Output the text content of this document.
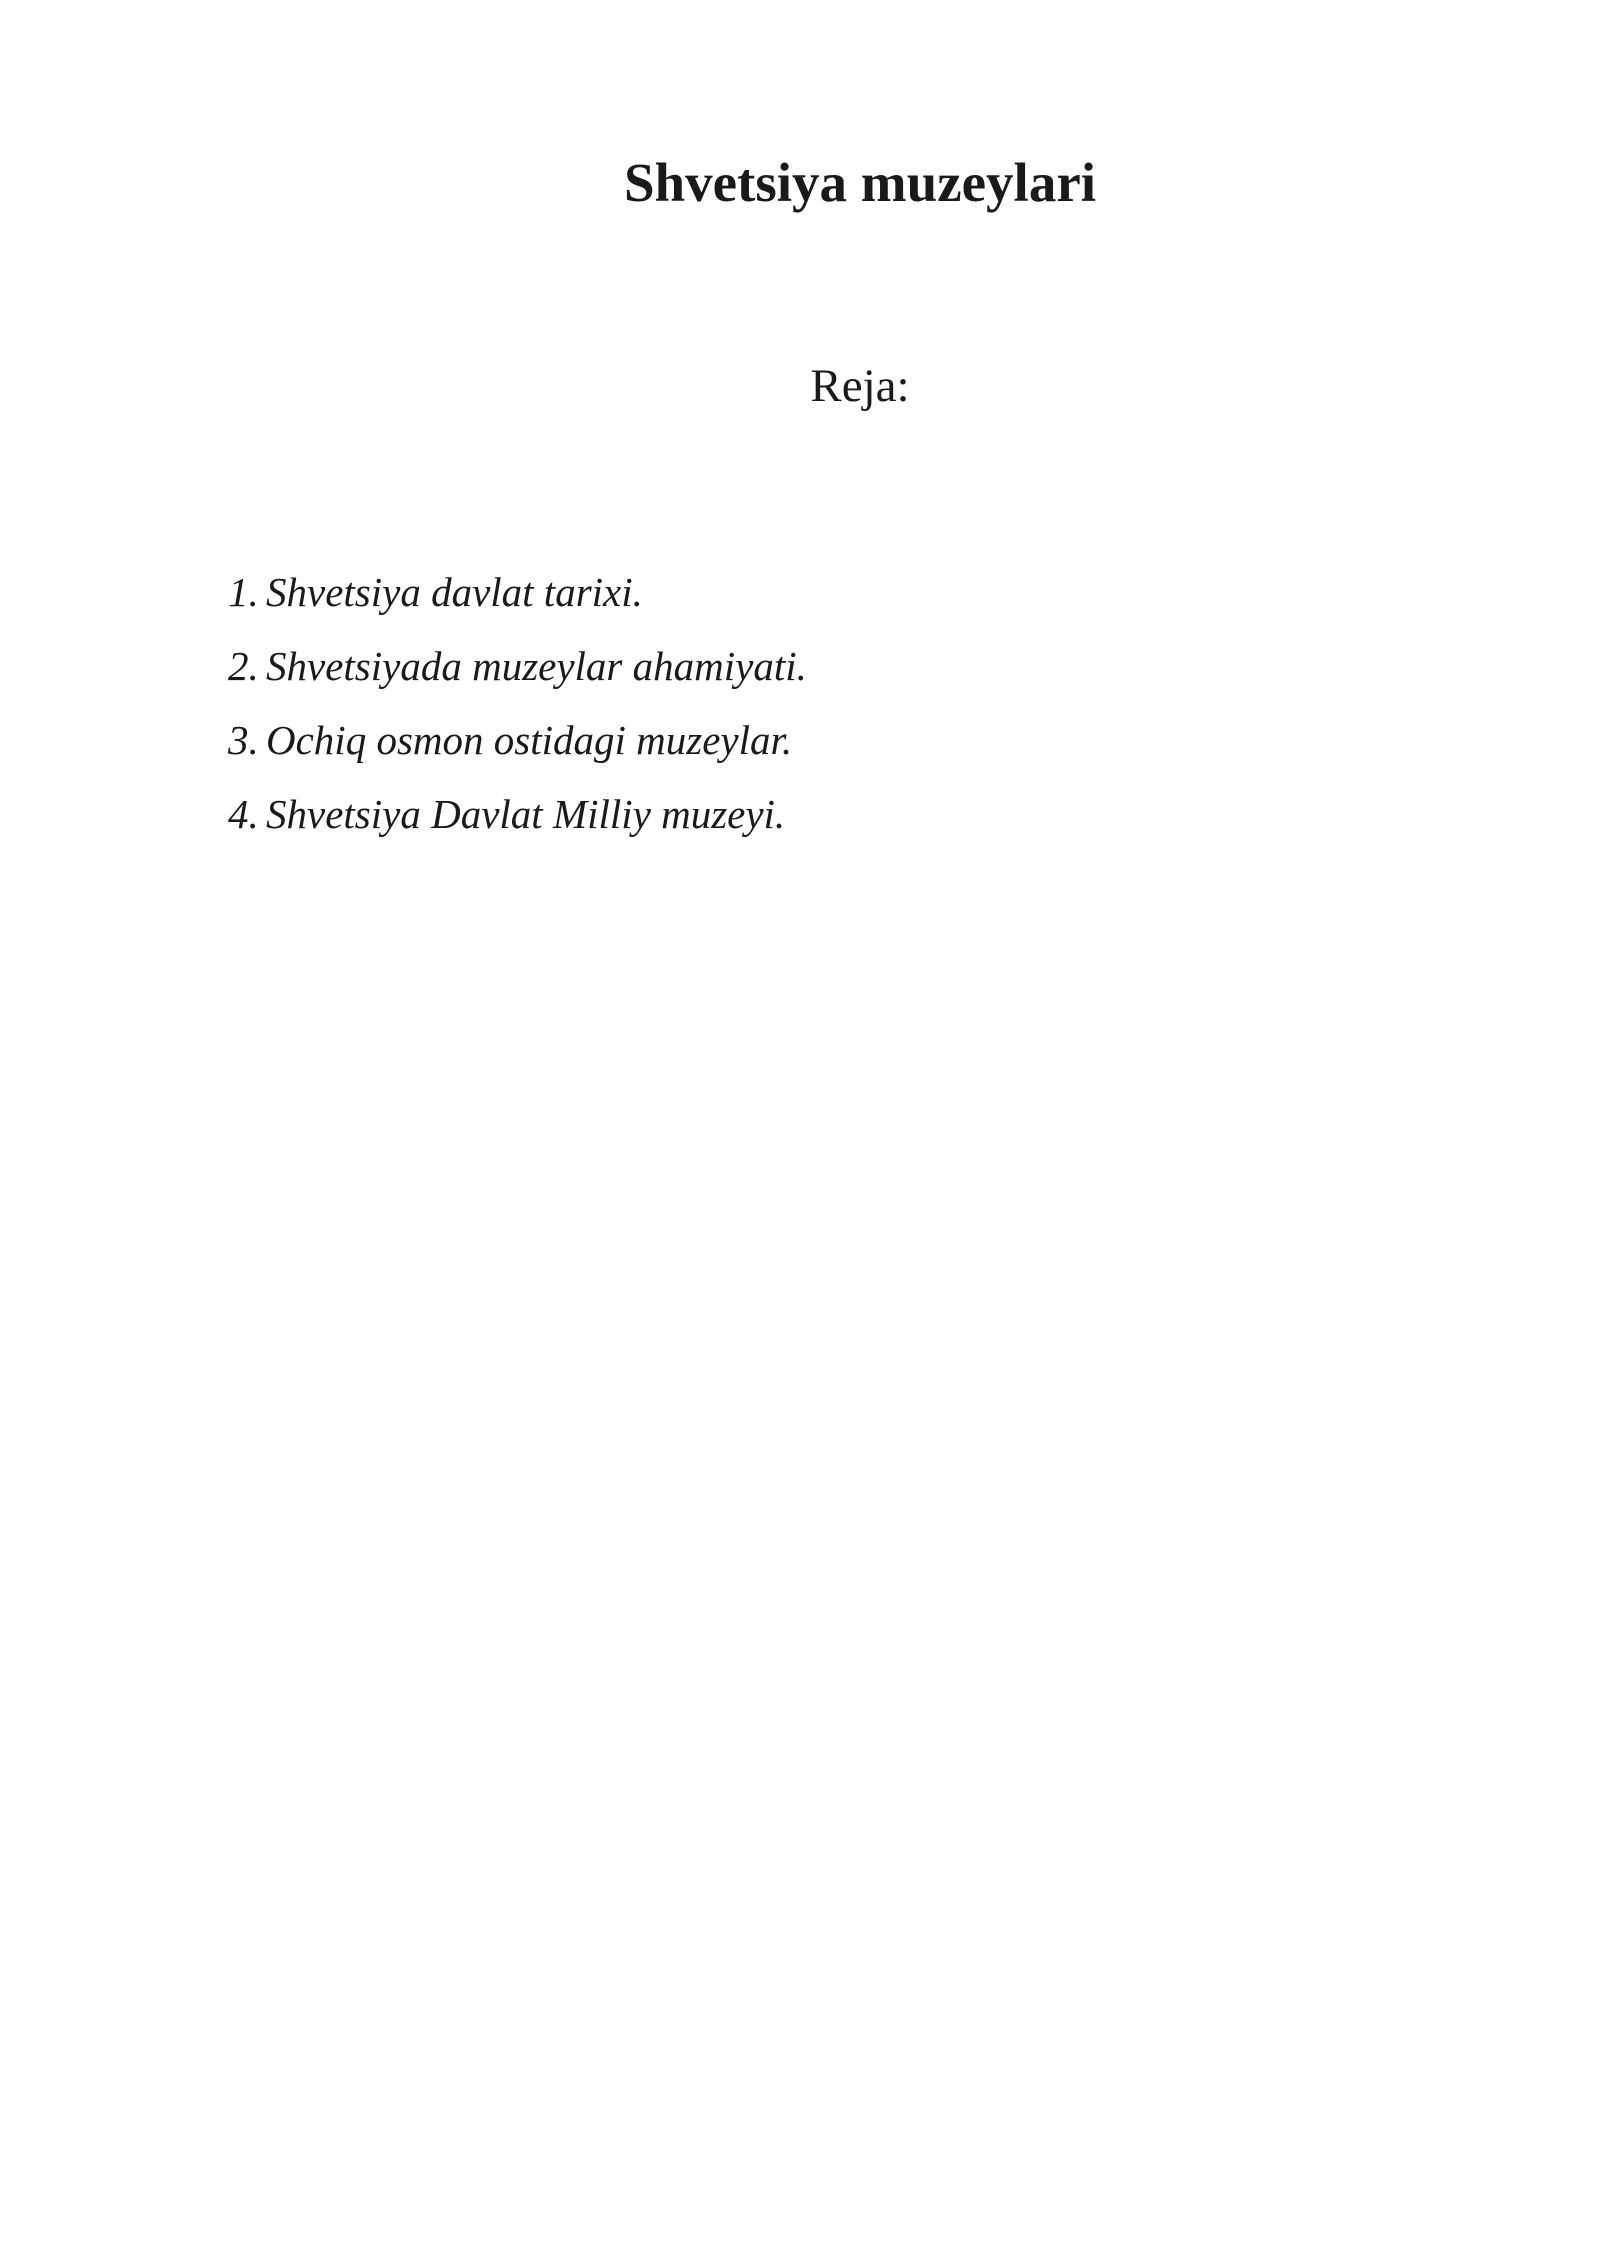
Shvetsiya muzeylari
Reja:
1. Shvetsiya davlat tarixi.
2. Shvetsiyada muzeylar ahamiyati.
3. Ochiq osmon ostidagi muzeylar.
4. Shvetsiya Davlat Milliy muzeyi.
